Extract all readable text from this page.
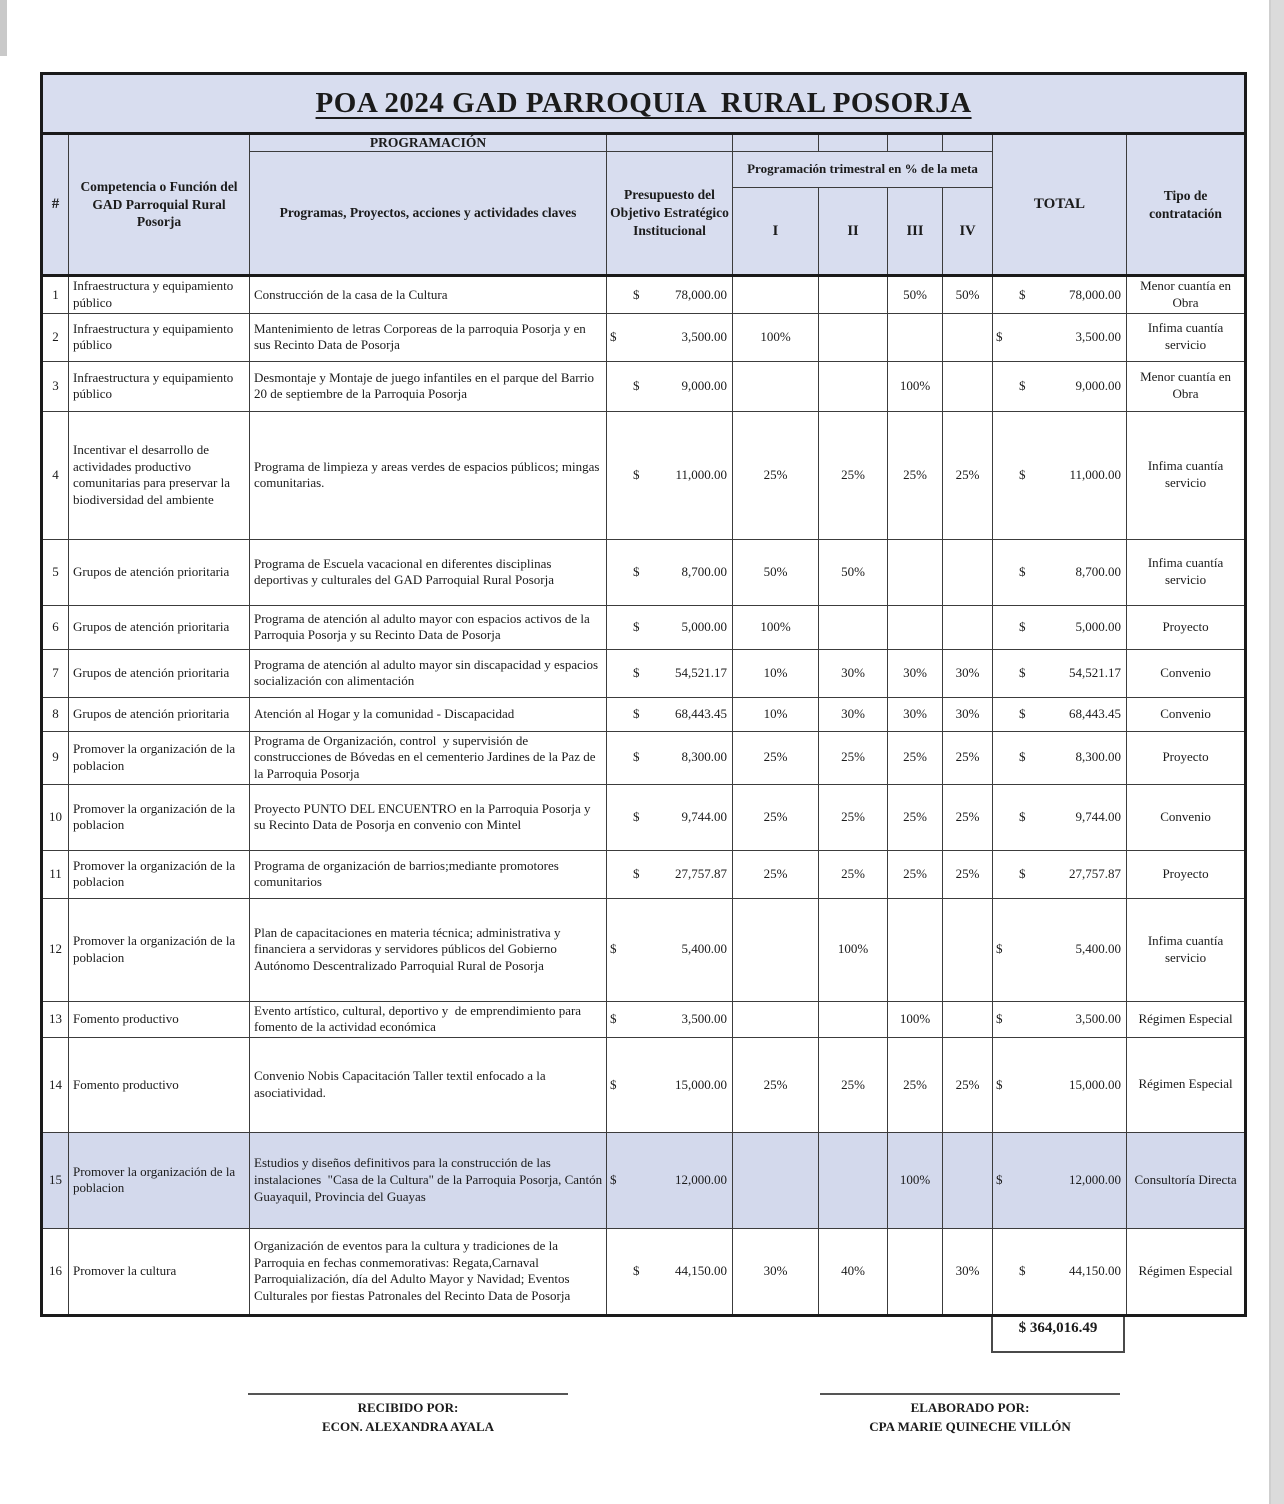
POA 2024 GAD PARROQUIA  RURAL POSORJA									
#	Competencia o Función del GAD Parroquial Rural Posorja	PROGRAMACIÓN						TOTAL	Tipo de contratación
		Programas, Proyectos, acciones y actividades claves	Presupuesto del Objetivo Estratégico Institucional	Programación trimestral en % de la meta					
				I	II	III	IV		
1	Infraestructura y equipamiento público	Construcción de la casa de la Cultura	$ 78,000.00			50%	50%	$ 78,000.00	Menor cuantía en Obra
2	Infraestructura y equipamiento público	Mantenimiento de letras Corporeas de la parroquia Posorja y en sus Recinto Data de Posorja	$ 3,500.00	100%				$ 3,500.00	Infima cuantía servicio
3	Infraestructura y equipamiento público	Desmontaje y Montaje de juego infantiles en el parque del Barrio 20 de septiembre de la Parroquia Posorja	$ 9,000.00			100%		$ 9,000.00	Menor cuantía en Obra
4	Incentivar el desarrollo de actividades productivo comunitarias para preservar la biodiversidad del ambiente	Programa de limpieza y areas verdes de espacios públicos; mingas comunitarias.	$ 11,000.00	25%	25%	25%	25%	$ 11,000.00	Infima cuantía servicio
5	Grupos de atención prioritaria	Programa de Escuela vacacional en diferentes disciplinas deportivas y culturales del GAD Parroquial Rural Posorja	$ 8,700.00	50%	50%			$ 8,700.00	Infima cuantía servicio
6	Grupos de atención prioritaria	Programa de atención al adulto mayor con espacios activos de la Parroquia Posorja y su Recinto Data de Posorja	$ 5,000.00	100%				$ 5,000.00	Proyecto
7	Grupos de atención prioritaria	Programa de atención al adulto mayor sin discapacidad y espacios socialización con alimentación	$ 54,521.17	10%	30%	30%	30%	$ 54,521.17	Convenio
8	Grupos de atención prioritaria	Atención al Hogar y la comunidad - Discapacidad	$ 68,443.45	10%	30%	30%	30%	$ 68,443.45	Convenio
9	Promover la organización de la poblacion	Programa de Organización, control  y supervisión de construcciones de Bóvedas en el cementerio Jardines de la Paz de la Parroquia Posorja	$ 8,300.00	25%	25%	25%	25%	$ 8,300.00	Proyecto
10	Promover la organización de la poblacion	Proyecto PUNTO DEL ENCUENTRO en la Parroquia Posorja y su Recinto Data de Posorja en convenio con Mintel	$ 9,744.00	25%	25%	25%	25%	$ 9,744.00	Convenio
11	Promover la organización de la poblacion	Programa de organización de barrios;mediante promotores comunitarios	$ 27,757.87	25%	25%	25%	25%	$ 27,757.87	Proyecto
12	Promover la organización de la poblacion	Plan de capacitaciones en materia técnica; administrativa y financiera a servidoras y servidores públicos del Gobierno Autónomo Descentralizado Parroquial Rural de Posorja	$ 5,400.00		100%			$ 5,400.00	Infima cuantía servicio
13	Fomento productivo	Evento artístico, cultural, deportivo y  de emprendimiento para fomento de la actividad económica	$ 3,500.00			100%		$ 3,500.00	Régimen Especial
14	Fomento productivo	Convenio Nobis Capacitación Taller textil enfocado a la asociatividad.	$ 15,000.00	25%	25%	25%	25%	$ 15,000.00	Régimen Especial
15	Promover la organización de la poblacion	Estudios y diseños definitivos para la construcción de las instalaciones  "Casa de la Cultura" de la Parroquia Posorja, Cantón Guayaquil, Provincia del Guayas	$ 12,000.00			100%		$ 12,000.00	Consultoría Directa
16	Promover la cultura	Organización de eventos para la cultura y tradiciones de la Parroquia en fechas conmemorativas: Regata,Carnaval Parroquialización, día del Adulto Mayor y Navidad; Eventos Culturales por fiestas Patronales del Recinto Data de Posorja	$ 44,150.00	30%	40%		30%	$ 44,150.00	Régimen Especial
$ 364,016.49
RECIBIDO POR:
ECON. ALEXANDRA AYALA
ELABORADO POR:
CPA MARIE QUINECHE VILLÓN
